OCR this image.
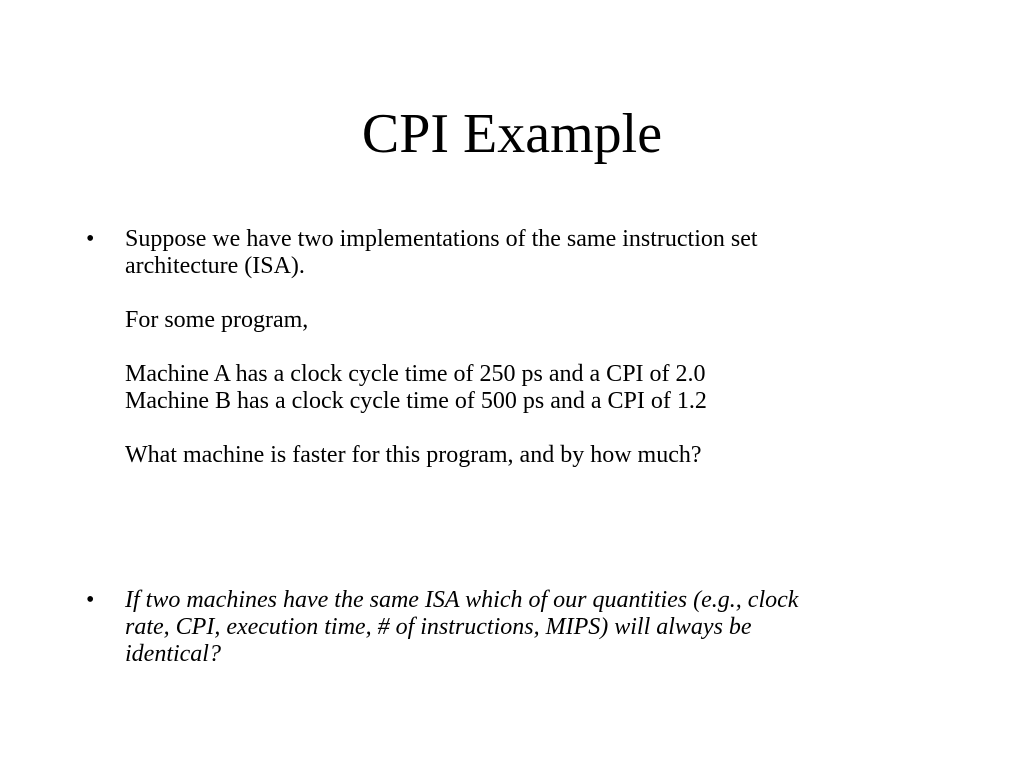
CPI Example
•	Suppose we have two implementations of the same instruction set
architecture (ISA).
For some program,
Machine A has a clock cycle time of 250 ps and a CPI of 2.0
Machine B has a clock cycle time of 500 ps and a CPI of 1.2
What machine is faster for this program, and by how much?
•	If two machines have the same ISA which of our quantities (e.g., clock
rate, CPI, execution time, # of instructions, MIPS) will always be
identical?
